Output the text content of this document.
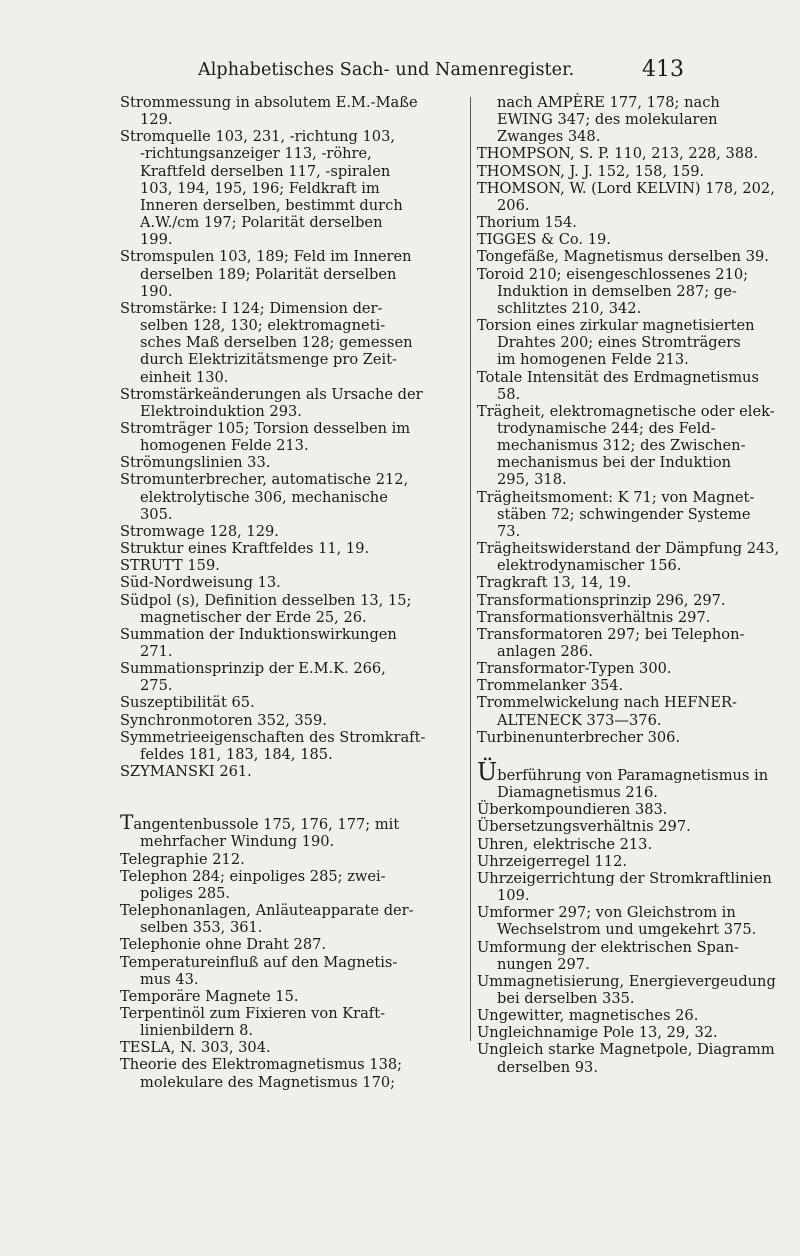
Alphabetisches Sach- und Namenregister.	413

Strommessung in absolutem E.M.-Maße
129.

Stromquelle 103, 231, -richtung 103,
-richtungsanzeiger 113, -röhre,
Kraftfeld derselben 117, -spiralen
103, 194, 195, 196; Feldkraft im
Inneren derselben, bestimmt durch
A.W./cm 197; Polarität derselben
199.

Stromspulen 103, 189; Feld im Inneren
derselben 189; Polarität derselben
190.

Stromstärke: I 124; Dimension der-
selben 128, 130; elektromagneti-
sches Maß derselben 128; gemessen
durch Elektrizitätsmenge pro Zeit-
einheit 130.

Stromstärkeänderungen als Ursache der
Elektroinduktion 293.

Stromträger 105; Torsion desselben im
homogenen Felde 213.

Strömungslinien 33.

Stromunterbrecher, automatische 212,
elektrolytische 306, mechanische
305.

Stromwage 128, 129.

Struktur eines Kraftfeldes 11, 19.

STRUTT 159.

Süd-Nordweisung 13.

Südpol (s), Definition desselben 13, 15;
magnetischer der Erde 25, 26.

Summation der Induktionswirkungen
271.

Summationsprinzip der E.M.K. 266,
275.

Suszeptibilität 65.

Synchronmotoren 352, 359.

Symmetrieeigenschaften des Stromkraft-
feldes 181, 183, 184, 185.

SZYMANSKI 261.

Tangentenbussole 175, 176, 177; mit
mehrfacher Windung 190.

Telegraphie 212.

Telephon 284; einpoliges 285; zwei-
poliges 285.

Telephonanlagen, Anläuteapparate der-
selben 353, 361.

Telephonie ohne Draht 287.

Temperatureinfluß auf den Magnetis-
mus 43.

Temporäre Magnete 15.

Terpentinöl zum Fixieren von Kraft-
linienbildern 8.

TESLA, N. 303, 304.

Theorie des Elektromagnetismus 138;
molekulare des Magnetismus 170;

nach AMPÈRE 177, 178; nach
EWING 347; des molekularen
Zwanges 348.

THOMPSON, S. P. 110, 213, 228, 388.

THOMSON, J. J. 152, 158, 159.

THOMSON, W. (Lord KELVIN) 178, 202,
206.

Thorium 154.

TIGGES & Co. 19.

Tongefäße, Magnetismus derselben 39.

Toroid 210; eisengeschlossenes 210;
Induktion in demselben 287; ge-
schlitztes 210, 342.

Torsion eines zirkular magnetisierten
Drahtes 200; eines Stromträgers
im homogenen Felde 213.

Totale Intensität des Erdmagnetismus
58.

Trägheit, elektromagnetische oder elek-
trodynamische 244; des Feld-
mechanismus 312; des Zwischen-
mechanismus bei der Induktion
295, 318.

Trägheitsmoment: K 71; von Magnet-
stäben 72; schwingender Systeme
73.

Trägheitswiderstand der Dämpfung 243,
elektrodynamischer 156.

Tragkraft 13, 14, 19.

Transformationsprinzip 296, 297.

Transformationsverhältnis 297.

Transformatoren 297; bei Telephon-
anlagen 286.

Transformator-Typen 300.

Trommelanker 354.

Trommelwickelung nach HEFNER-
ALTENECK 373—376.

Turbinenunterbrecher 306.

Überführung von Paramagnetismus in
Diamagnetismus 216.

Überkompoundieren 383.

Übersetzungsverhältnis 297.

Uhren, elektrische 213.

Uhrzeigerregel 112.

Uhrzeigerrichtung der Stromkraftlinien
109.

Umformer 297; von Gleichstrom in
Wechselstrom und umgekehrt 375.

Umformung der elektrischen Span-
nungen 297.

Ummagnetisierung, Energievergeudung
bei derselben 335.

Ungewitter, magnetisches 26.

Ungleichnamige Pole 13, 29, 32.

Ungleich starke Magnetpole, Diagramm
derselben 93.
